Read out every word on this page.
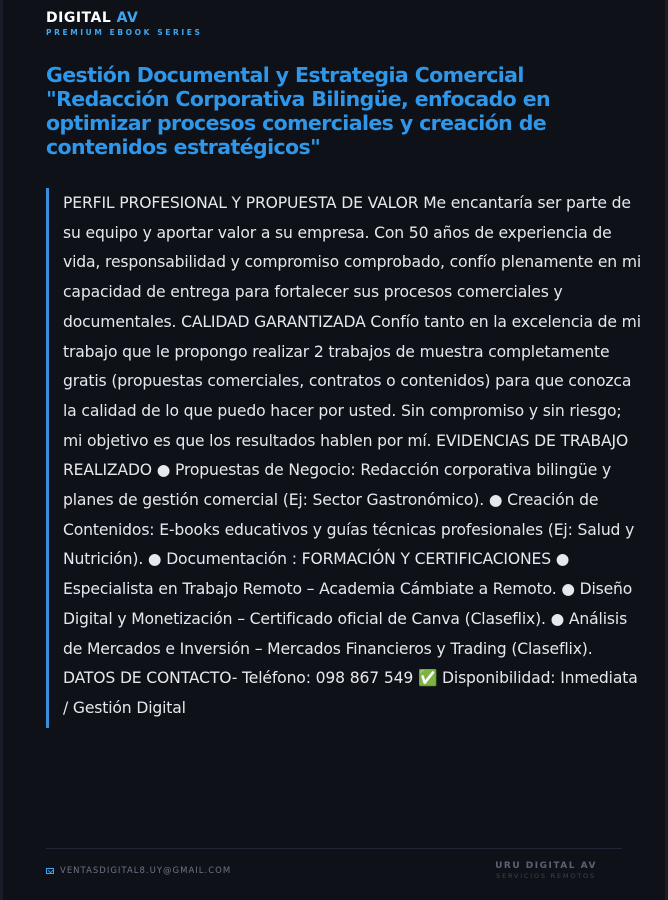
DIGITAL AV
PREMIUM EBOOK SERIES
Gestión Documental y Estrategia Comercial "Redacción Corporativa Bilingüe, enfocado en optimizar procesos comerciales y creación de contenidos estratégicos"

PERFIL PROFESIONAL Y PROPUESTA DE VALOR Me encantaría ser parte de su equipo y aportar valor a su empresa. Con 50 años de experiencia de vida, responsabilidad y compromiso comprobado, confío plenamente en mi capacidad de entrega para fortalecer sus procesos comerciales y documentales. CALIDAD GARANTIZADA Confío tanto en la excelencia de mi trabajo que le propongo realizar 2 trabajos de muestra completamente gratis (propuestas comerciales, contratos o contenidos) para que conozca la calidad de lo que puedo hacer por usted. Sin compromiso y sin riesgo; mi objetivo es que los resultados hablen por mí. EVIDENCIAS DE TRABAJO REALIZADO ● Propuestas de Negocio: Redacción corporativa bilingüe y planes de gestión comercial (Ej: Sector Gastronómico). ● Creación de Contenidos: E-books educativos y guías técnicas profesionales (Ej: Salud y Nutrición). ● Documentación : FORMACIÓN Y CERTIFICACIONES ● Especialista en Trabajo Remoto – Academia Cámbiate a Remoto. ● Diseño Digital y Monetización – Certificado oficial de Canva (Claseflix). ● Análisis de Mercados e Inversión – Mercados Financieros y Trading (Claseflix). DATOS DE CONTACTO- Teléfono: 098 867 549 ✅ Disponibilidad: Inmediata / Gestión Digital

VENTASDIGITAL8.UY@GMAIL.COM	URU DIGITAL AV
SERVICIOS REMOTOS
